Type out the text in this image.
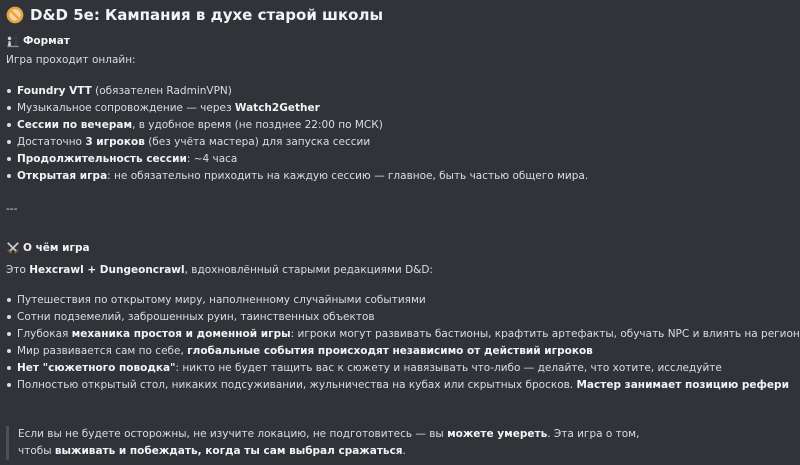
D&D 5e: Кампания в духе старой школы
Формат
Игра проходит онлайн:
Foundry VTT (обязателен RadminVPN)
Музыкальное сопровождение — через Watch2Gether
Сессии по вечерам, в удобное время (не позднее 22:00 по МСК)
Достаточно 3 игроков (без учёта мастера) для запуска сессии
Продолжительность сессии: ~4 часа
Открытая игра: не обязательно приходить на каждую сессию — главное, быть частью общего мира.
---
О чём игра
Это Hexcrawl + Dungeoncrawl, вдохновлённый старыми редакциями D&D:
Путешествия по открытому миру, наполненному случайными событиями
Сотни подземелий, заброшенных руин, таинственных объектов
Глубокая механика простоя и доменной игры: игроки могут развивать бастионы, крафтить артефакты, обучать NPC и влиять на регион
Мир развивается сам по себе, глобальные события происходят независимо от действий игроков
Нет "сюжетного поводка": никто не будет тащить вас к сюжету и навязывать что-либо — делайте, что хотите, исследуйте
Полностью открытый стол, никаких подсуживании, жульничества на кубах или скрытных бросков. Мастер занимает позицию рефери
Если вы не будете осторожны, не изучите локацию, не подготовитесь — вы можете умереть. Эта игра о том, чтобы выживать и побеждать, когда ты сам выбрал сражаться.
